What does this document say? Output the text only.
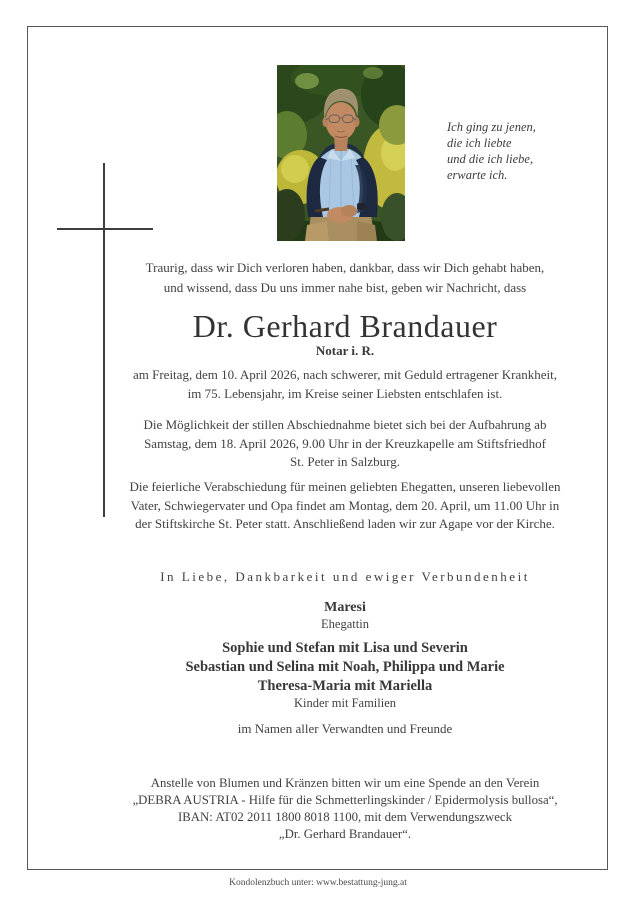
Ich ging zu jenen,
die ich liebte
und die ich liebe,
erwarte ich.
Traurig, dass wir Dich verloren haben, dankbar, dass wir Dich gehabt haben,
und wissend, dass Du uns immer nahe bist, geben wir Nachricht, dass
Dr. Gerhard Brandauer
Notar i. R.
am Freitag, dem 10. April 2026, nach schwerer, mit Geduld ertragener Krankheit,
im 75. Lebensjahr, im Kreise seiner Liebsten entschlafen ist.
Die Möglichkeit der stillen Abschiednahme bietet sich bei der Aufbahrung ab
Samstag, dem 18. April 2026, 9.00 Uhr in der Kreuzkapelle am Stiftsfriedhof
St. Peter in Salzburg.
Die feierliche Verabschiedung für meinen geliebten Ehegatten, unseren liebevollen
Vater, Schwiegervater und Opa findet am Montag, dem 20. April, um 11.00 Uhr in
der Stiftskirche St. Peter statt. Anschließend laden wir zur Agape vor der Kirche.
In Liebe, Dankbarkeit und ewiger Verbundenheit
Maresi
Ehegattin
Sophie und Stefan mit Lisa und Severin
Sebastian und Selina mit Noah, Philippa und Marie
Theresa-Maria mit Mariella
Kinder mit Familien
im Namen aller Verwandten und Freunde
Anstelle von Blumen und Kränzen bitten wir um eine Spende an den Verein
„DEBRA AUSTRIA - Hilfe für die Schmetterlingskinder / Epidermolysis bullosa“,
IBAN: AT02 2011 1800 8018 1100, mit dem Verwendungszweck
„Dr. Gerhard Brandauer“.
Kondolenzbuch unter: www.bestattung-jung.at
